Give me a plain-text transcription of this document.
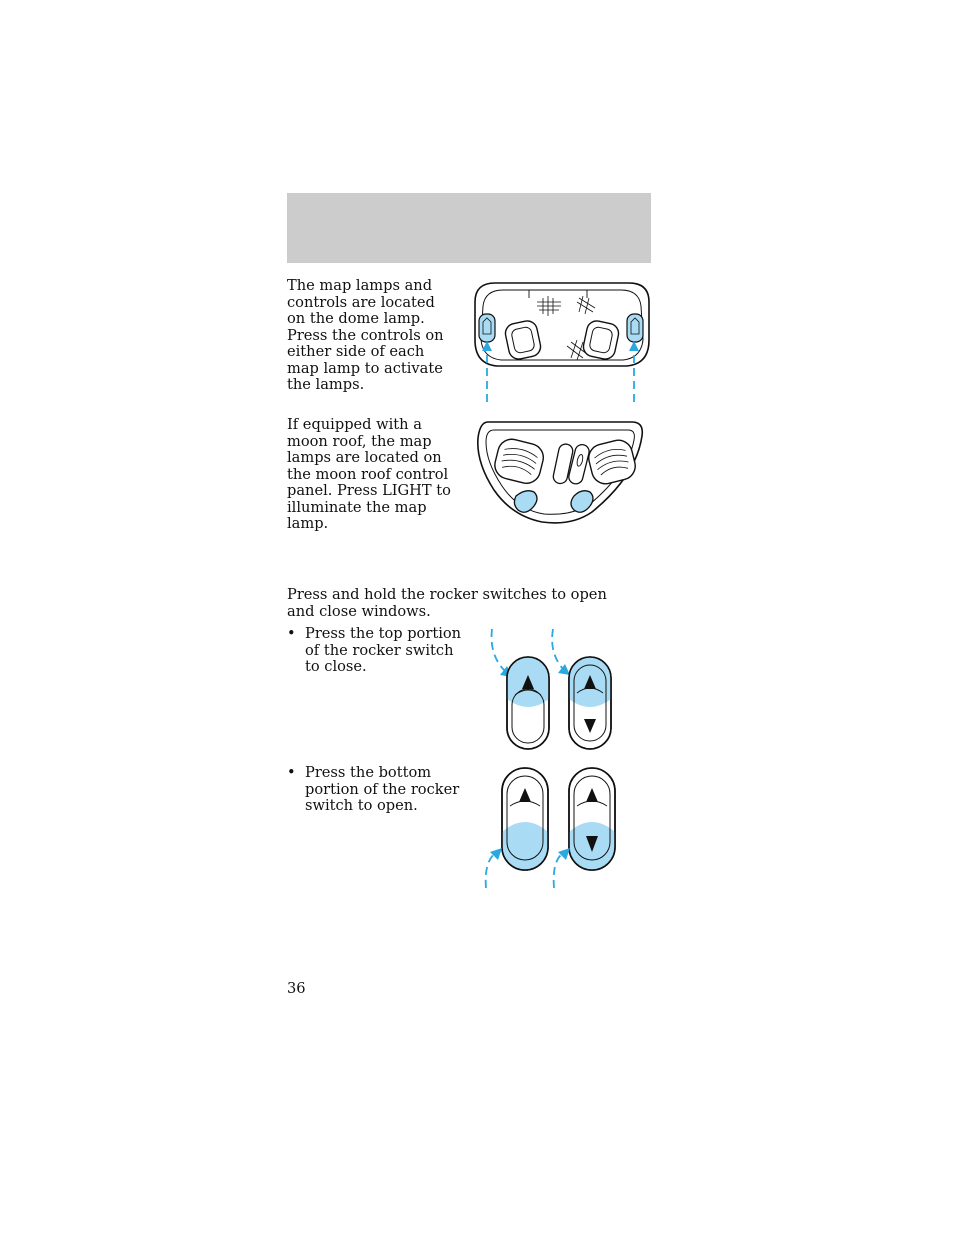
The map lamps and controls are located on the dome lamp. Press the controls on either side of each map lamp to activate the lamps.

If equipped with a moon roof, the map lamps are located on the moon roof control panel. Press LIGHT to illuminate the map lamp.

Press and hold the rocker switches to open and close windows.

• Press the top portion of the rocker switch to close.
• Press the bottom portion of the rocker switch to open.
36
